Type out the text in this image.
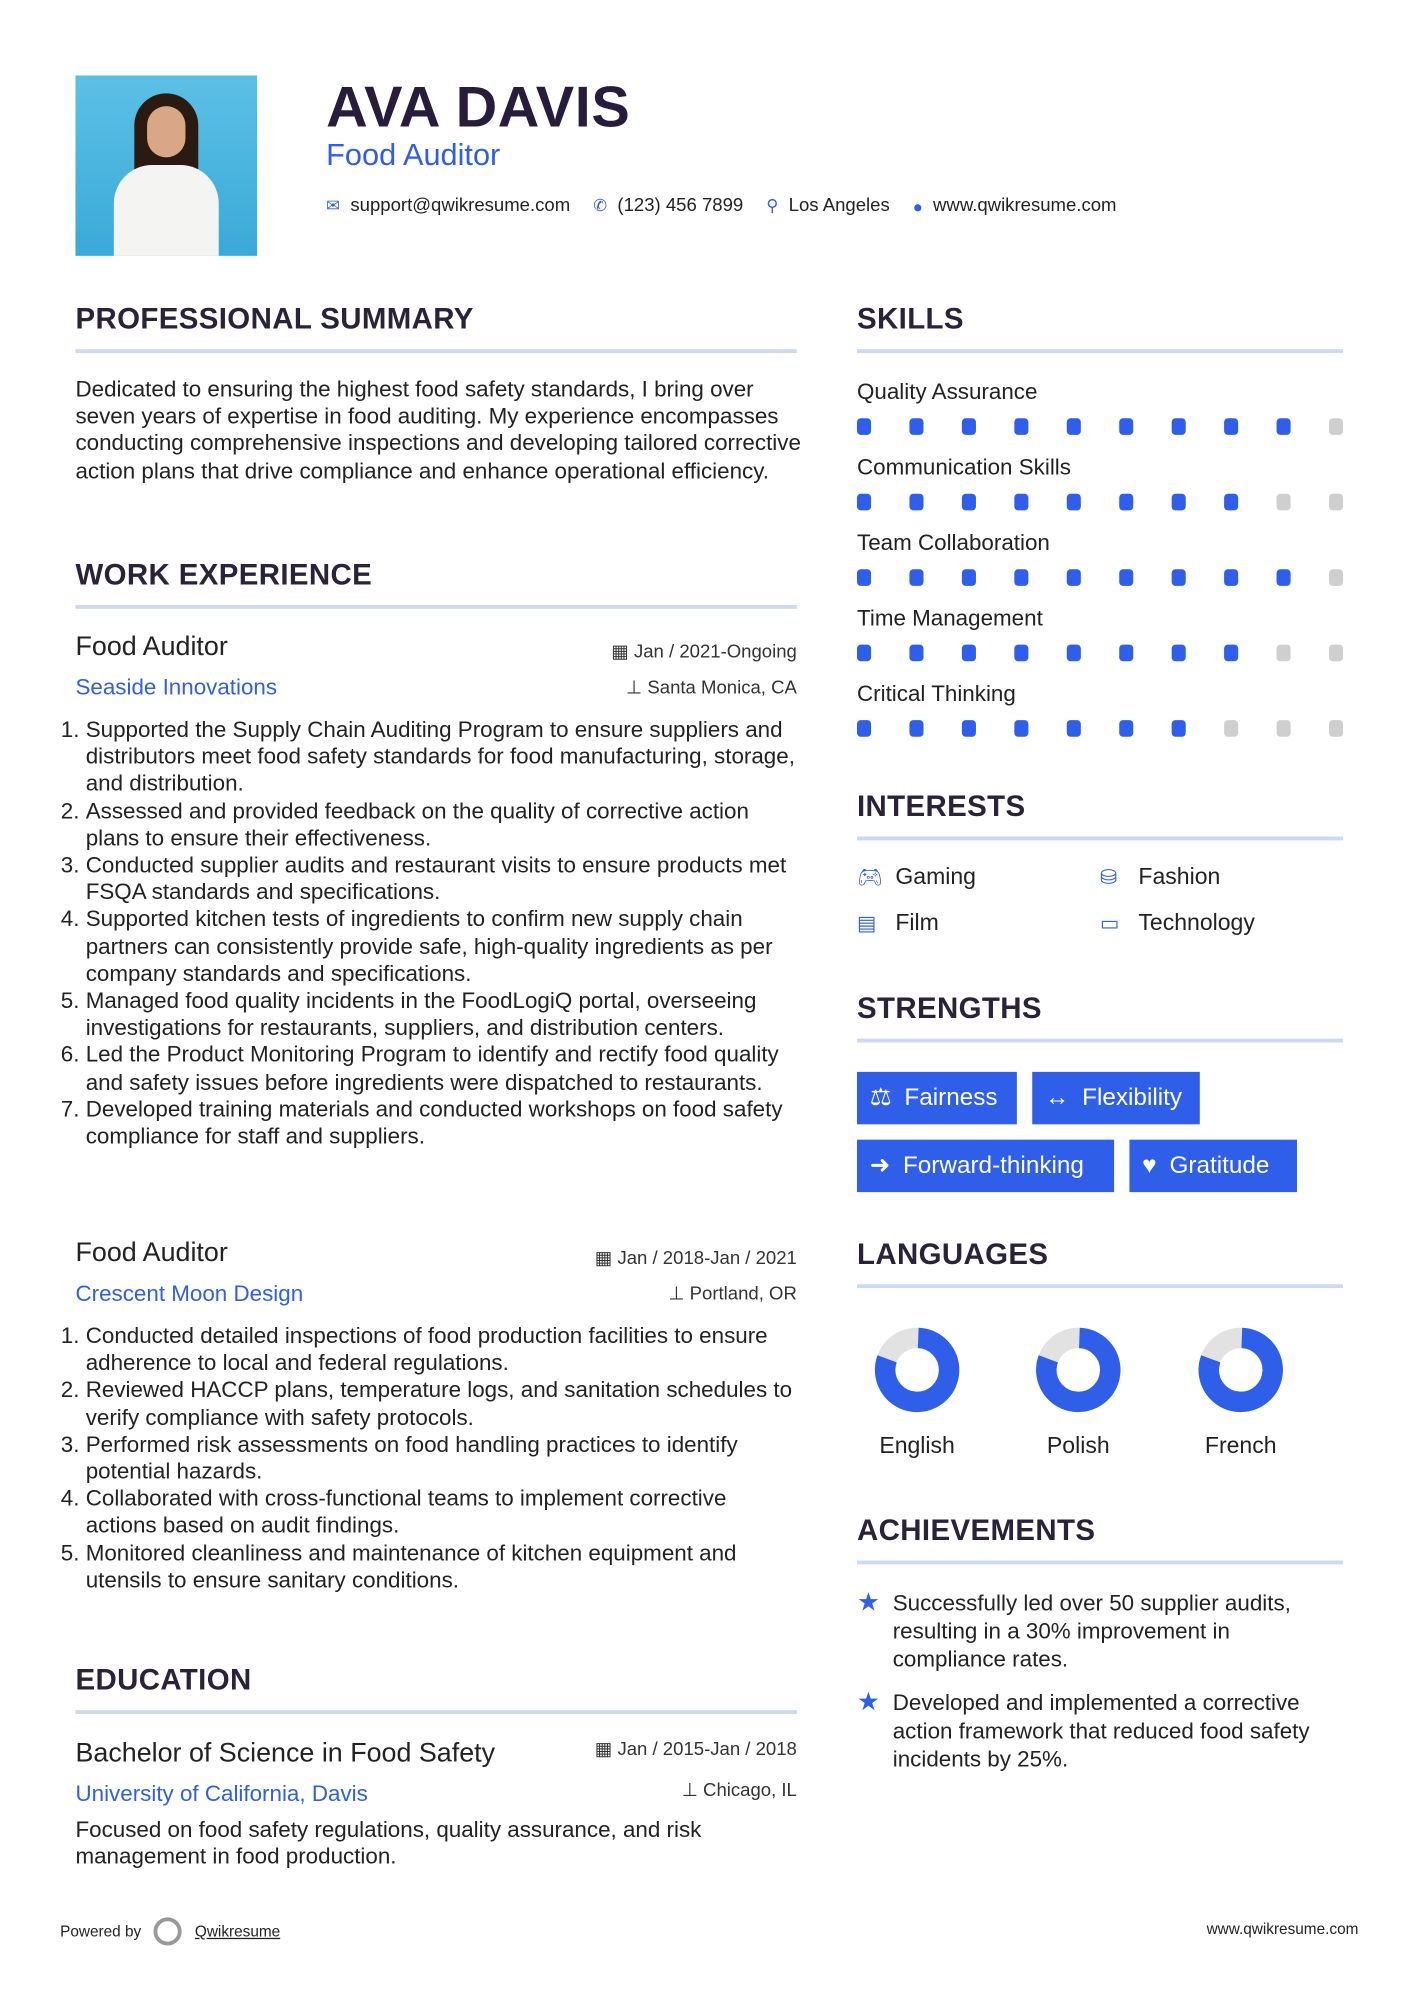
AVA DAVIS
Food Auditor
✉ support@qwikresume.com ✆ (123) 456 7899 ⚲ Los Angeles ● www.qwikresume.com
PROFESSIONAL SUMMARY
Dedicated to ensuring the highest food safety standards, I bring over seven years of expertise in food auditing. My experience encompasses conducting comprehensive inspections and developing tailored corrective action plans that drive compliance and enhance operational efficiency.
WORK EXPERIENCE
Food Auditor	▦ Jan / 2021-Ongoing
Seaside Innovations	⊥ Santa Monica, CA
1. Supported the Supply Chain Auditing Program to ensure suppliers and distributors meet food safety standards for food manufacturing, storage, and distribution.
2. Assessed and provided feedback on the quality of corrective action plans to ensure their effectiveness.
3. Conducted supplier audits and restaurant visits to ensure products met FSQA standards and specifications.
4. Supported kitchen tests of ingredients to confirm new supply chain partners can consistently provide safe, high-quality ingredients as per company standards and specifications.
5. Managed food quality incidents in the FoodLogiQ portal, overseeing investigations for restaurants, suppliers, and distribution centers.
6. Led the Product Monitoring Program to identify and rectify food quality and safety issues before ingredients were dispatched to restaurants.
7. Developed training materials and conducted workshops on food safety compliance for staff and suppliers.
Food Auditor	▦ Jan / 2018-Jan / 2021
Crescent Moon Design	⊥ Portland, OR
1. Conducted detailed inspections of food production facilities to ensure adherence to local and federal regulations.
2. Reviewed HACCP plans, temperature logs, and sanitation schedules to verify compliance with safety protocols.
3. Performed risk assessments on food handling practices to identify potential hazards.
4. Collaborated with cross-functional teams to implement corrective actions based on audit findings.
5. Monitored cleanliness and maintenance of kitchen equipment and utensils to ensure sanitary conditions.
EDUCATION
Bachelor of Science in Food Safety	▦ Jan / 2015-Jan / 2018
University of California, Davis	⊥ Chicago, IL
Focused on food safety regulations, quality assurance, and risk management in food production.
SKILLS
Quality Assurance
Communication Skills
Team Collaboration
Time Management
Critical Thinking
INTERESTS
🎮︎ Gaming	⛁	Fashion
▤	Film	▭	Technology
STRENGTHS
⚖ Fairness ↔ Flexibility
➜ Forward-thinking	♥ Gratitude
LANGUAGES
English	Polish	French
ACHIEVEMENTS
★ Successfully led over 50 supplier audits, resulting in a 30% improvement in compliance rates.
★ Developed and implemented a corrective action framework that reduced food safety incidents by 25%.
Powered by	Qwikresume	www.qwikresume.com
